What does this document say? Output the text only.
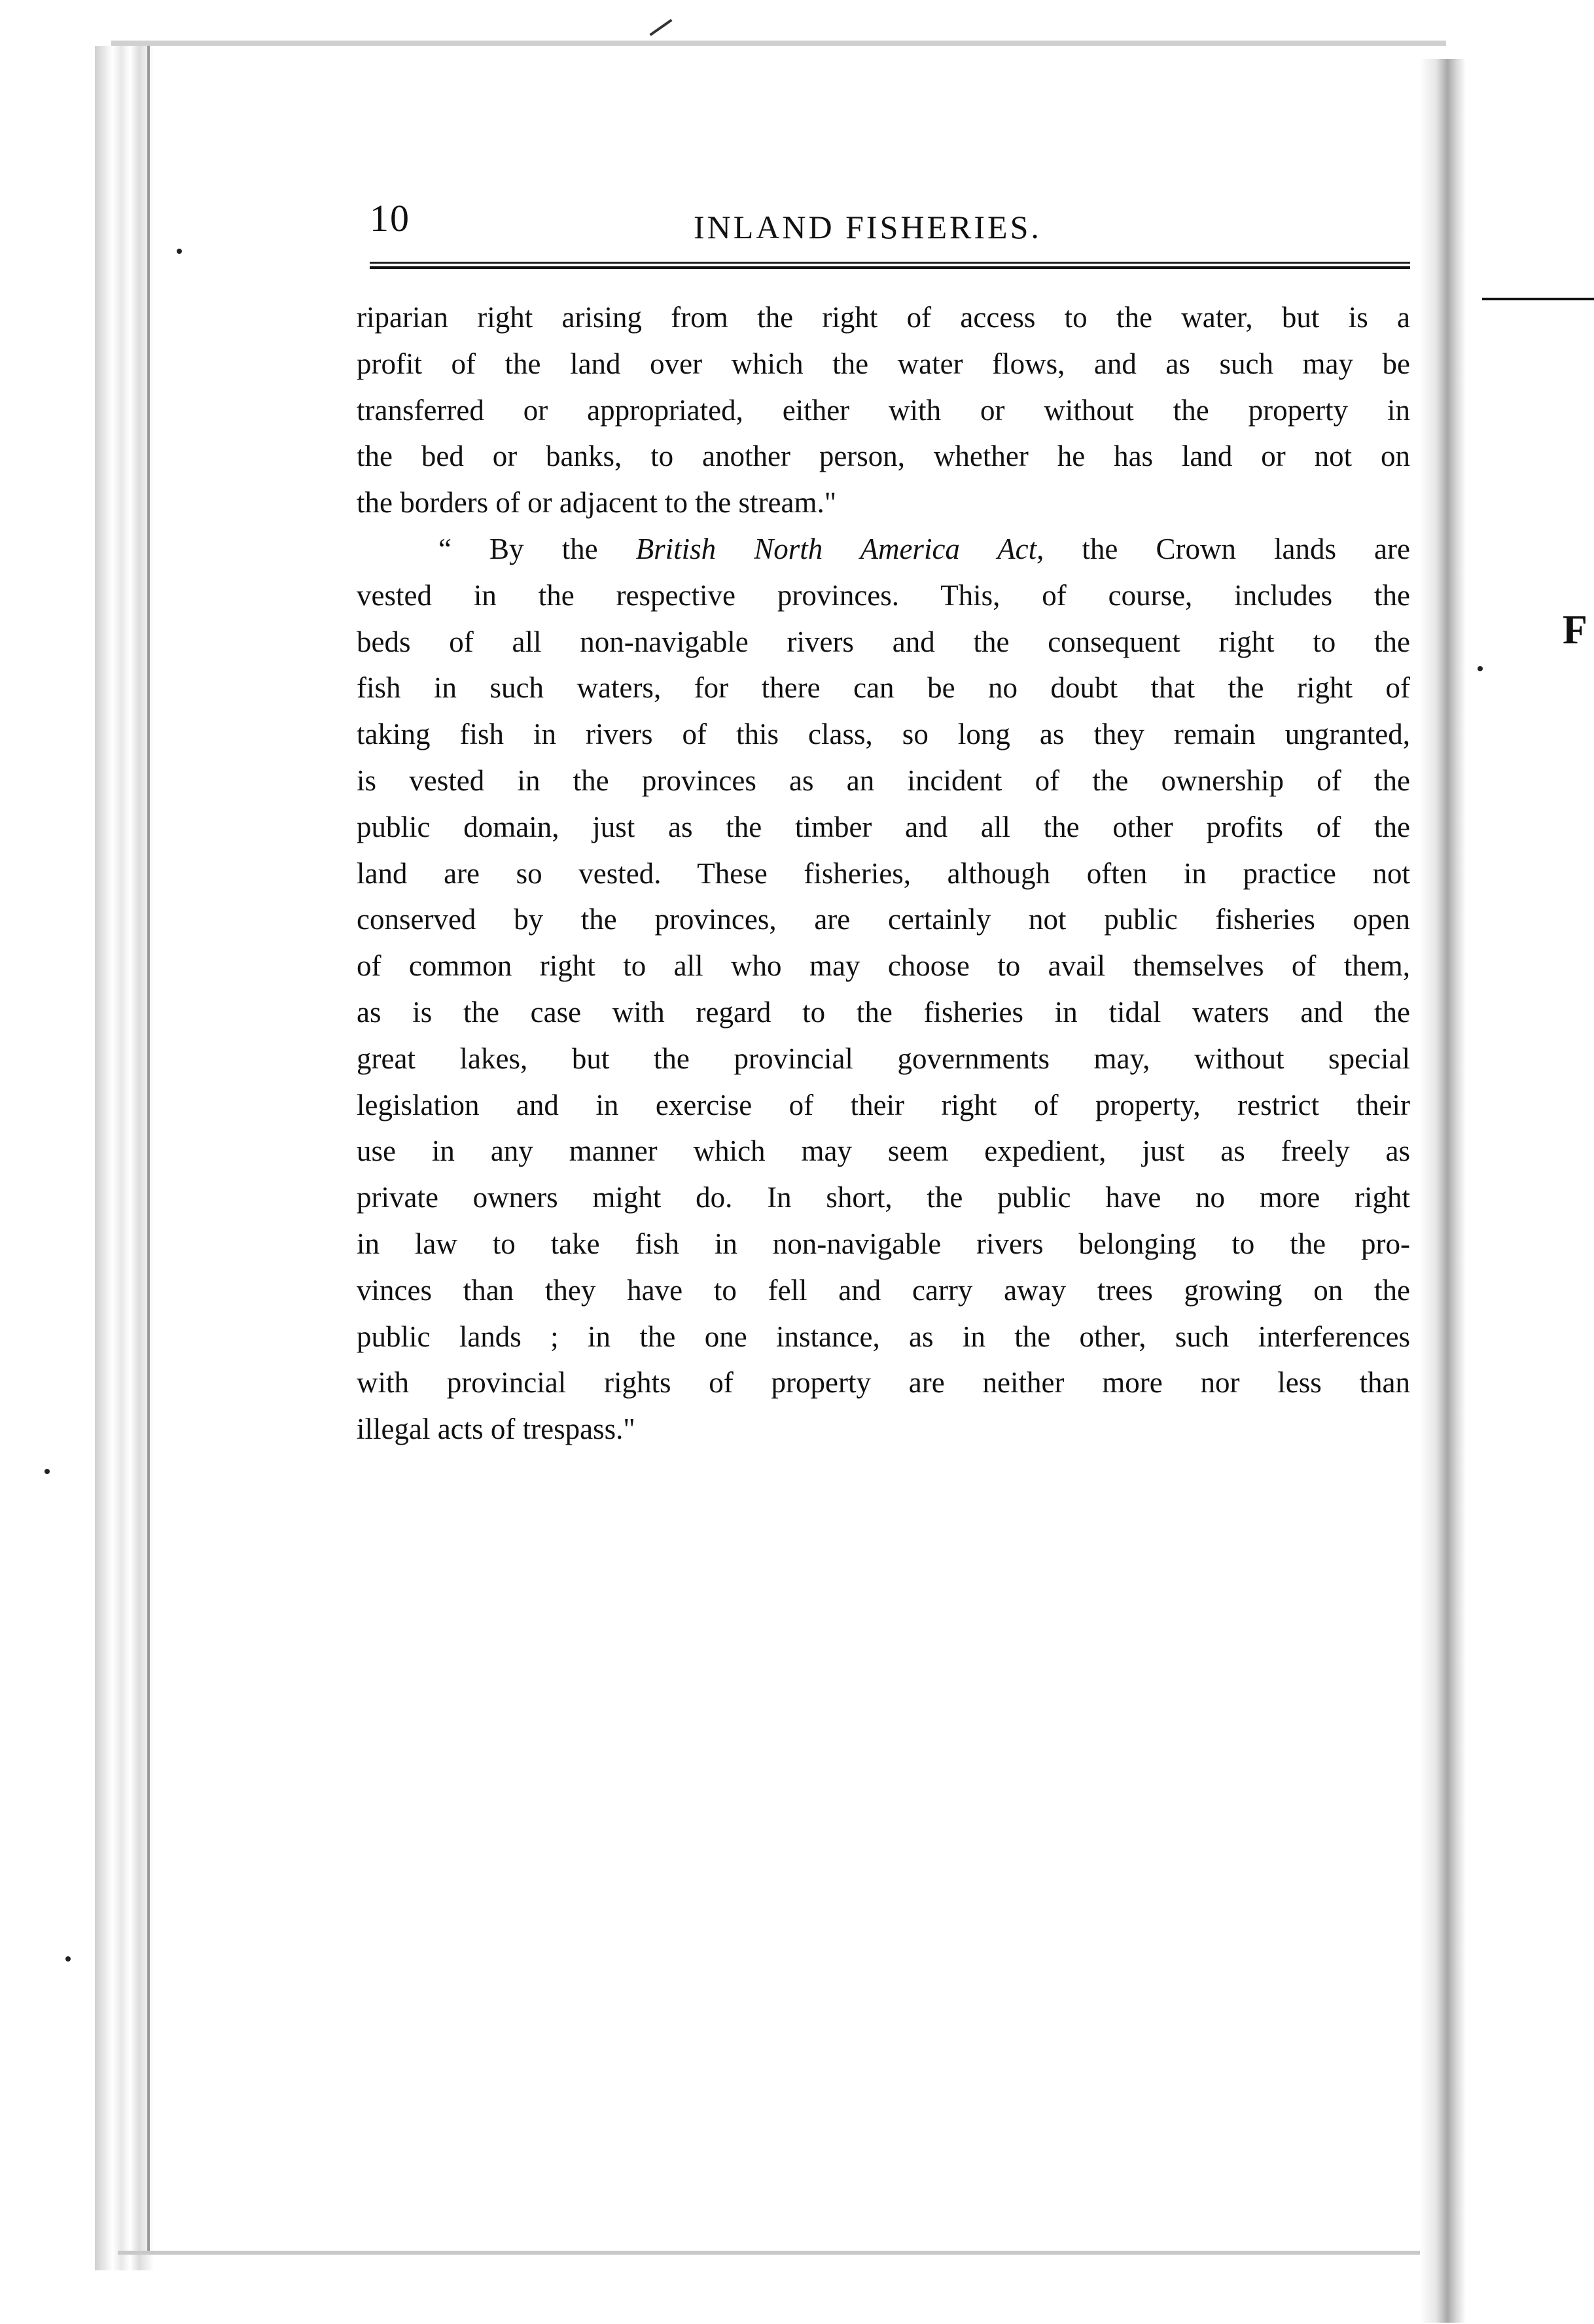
10	INLAND FISHERIES.
riparian right arising from the right of access to the water, but is a
profit of the land over which the water flows, and as such may be
transferred or appropriated, either with or without the property in
the bed or banks, to another person, whether he has land or not on
the borders of or adjacent to the stream."
“ By the British North America Act, the Crown lands are
vested in the respective provinces. This, of course, includes the
beds of all non-navigable rivers and the consequent right to the
fish in such waters, for there can be no doubt that the right of
taking fish in rivers of this class, so long as they remain ungranted,
is vested in the provinces as an incident of the ownership of the
public domain, just as the timber and all the other profits of the
land are so vested. These fisheries, although often in practice not
conserved by the provinces, are certainly not public fisheries open
of common right to all who may choose to avail themselves of them,
as is the case with regard to the fisheries in tidal waters and the
great lakes, but the provincial governments may, without special
legislation and in exercise of their right of property, restrict their
use in any manner which may seem expedient, just as freely as
private owners might do. In short, the public have no more right
in law to take fish in non-navigable rivers belonging to the pro-
vinces than they have to fell and carry away trees growing on the
public lands ; in the one instance, as in the other, such interferences
with provincial rights of property are neither more nor less than
illegal acts of trespass."
F
